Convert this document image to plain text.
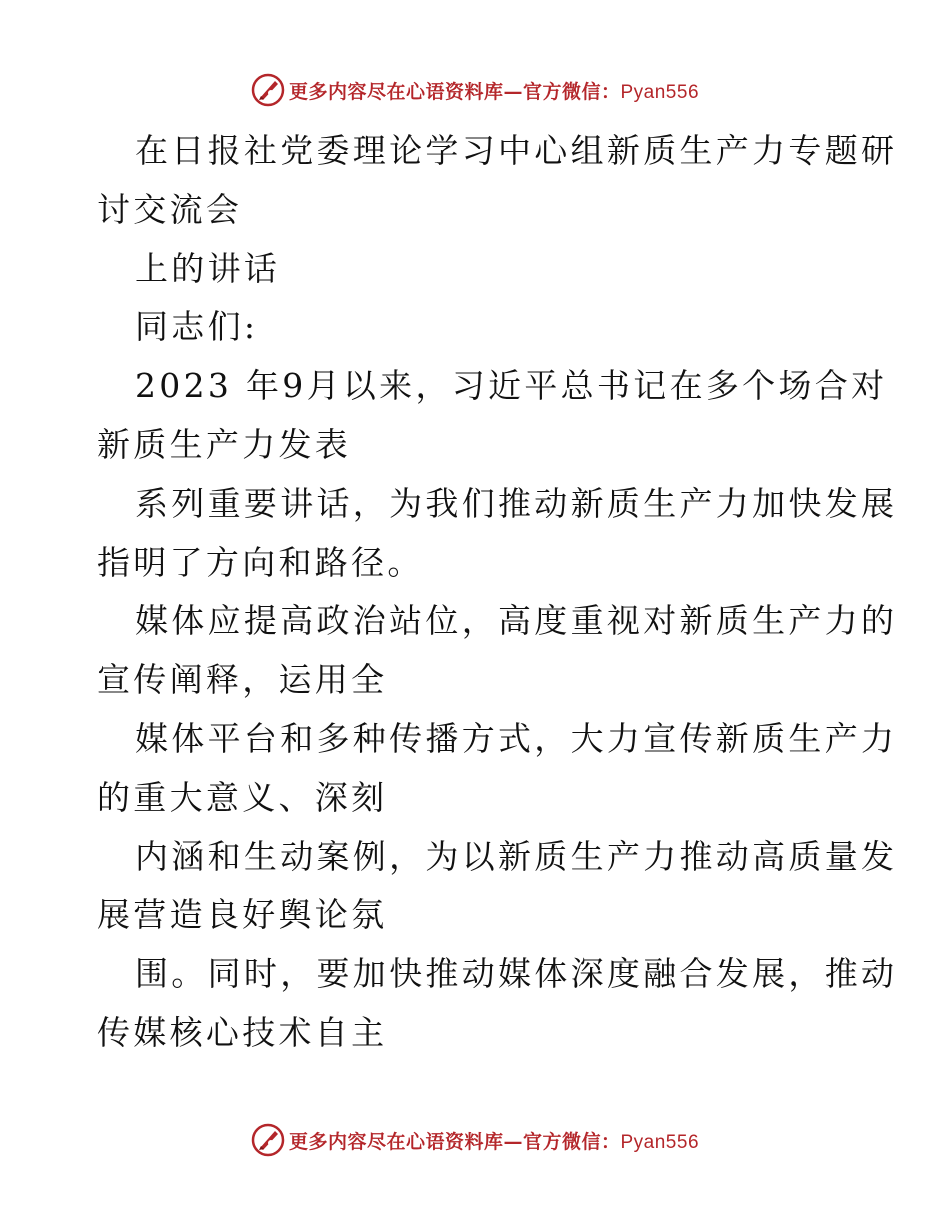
更多内容尽在心语资料库—官方微信：Pyan556
在日报社党委理论学习中心组新质生产力专题研
讨交流会
上的讲话
同志们:
2023 年9月以来，习近平总书记在多个场合对
新质生产力发表
系列重要讲话，为我们推动新质生产力加快发展
指明了方向和路径。
媒体应提高政治站位，高度重视对新质生产力的
宣传阐释，运用全
媒体平台和多种传播方式，大力宣传新质生产力
的重大意义、深刻
内涵和生动案例，为以新质生产力推动高质量发
展营造良好舆论氛
围。同时，要加快推动媒体深度融合发展，推动
传媒核心技术自主
更多内容尽在心语资料库—官方微信：Pyan556
